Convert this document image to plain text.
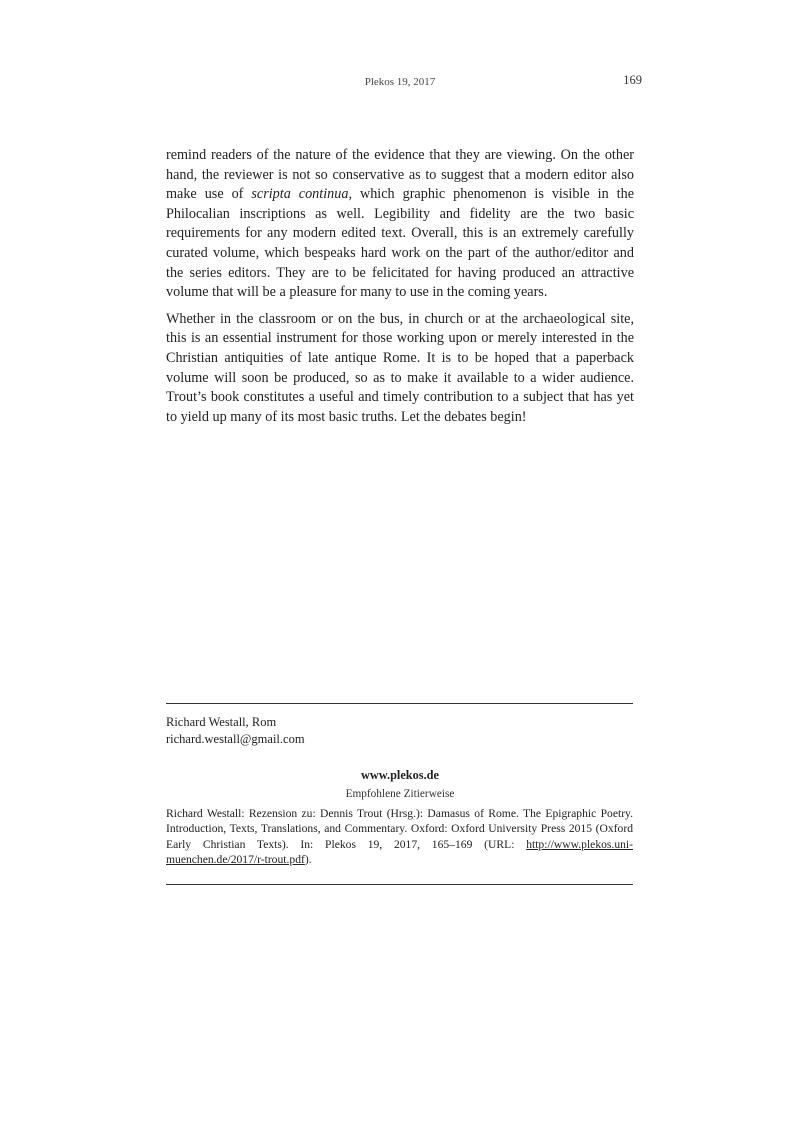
Plekos 19, 2017	169

remind readers of the nature of the evidence that they are viewing. On the other hand, the reviewer is not so conservative as to suggest that a modern editor also make use of scripta continua, which graphic phenomenon is visible in the Philocalian inscriptions as well. Legibility and fidelity are the two basic requirements for any modern edited text. Overall, this is an extremely carefully curated volume, which bespeaks hard work on the part of the author/​editor and the series editors. They are to be felicitated for having produced an attractive volume that will be a pleasure for many to use in the coming years.

Whether in the classroom or on the bus, in church or at the archaeological site, this is an essential instrument for those working upon or merely interested in the Christian antiquities of late antique Rome. It is to be hoped that a paperback volume will soon be produced, so as to make it available to a wider audience. Trout’s book constitutes a useful and timely contribution to a subject that has yet to yield up many of its most basic truths. Let the debates begin!

Richard Westall, Rom
richard.westall@gmail.com
www.plekos.de
Empfohlene Zitierweise
Richard Westall: Rezension zu: Dennis Trout (Hrsg.): Damasus of Rome. The Epigraphic Poetry. Introduction, Texts, Translations, and Commentary. Oxford: Oxford University Press 2015 (Oxford Early Christian Texts). In: Plekos 19, 2017, 165–169 (URL: http://www.plekos.uni-muenchen.de/2017/r-trout.pdf).
